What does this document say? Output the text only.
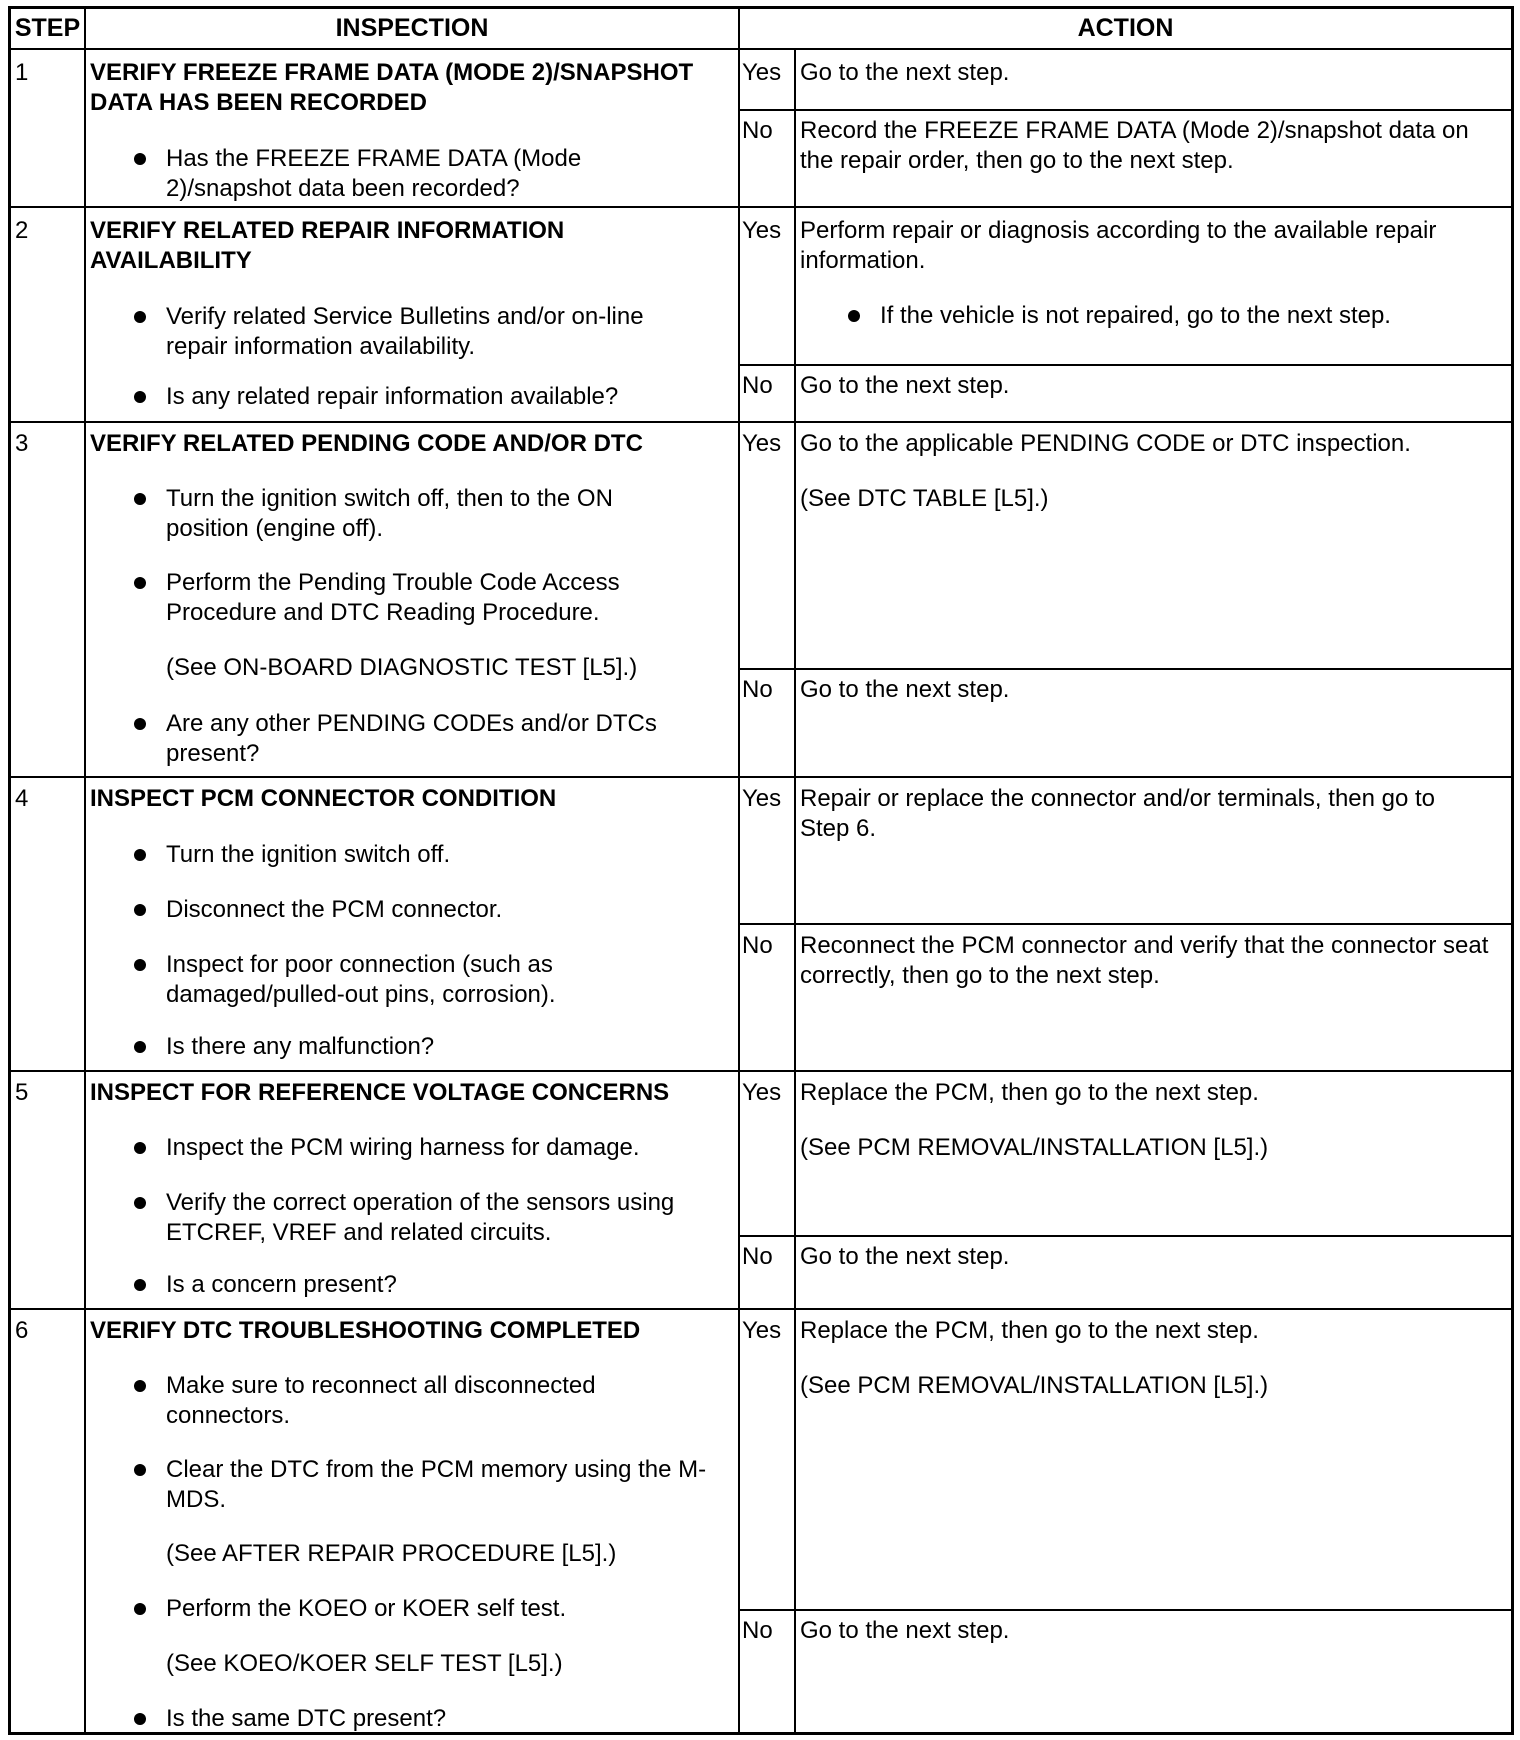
STEP	INSPECTION	ACTION
1	VERIFY FREEZE FRAME DATA (MODE 2)/SNAPSHOT DATA HAS BEEN RECORDED
Has the FREEZE FRAME DATA (Mode 2)/snapshot data been recorded?
Yes Go to the next step.
No Record the FREEZE FRAME DATA (Mode 2)/snapshot data on the repair order, then go to the next step.
2	VERIFY RELATED REPAIR INFORMATION AVAILABILITY
Verify related Service Bulletins and/or on-line repair information availability.
Is any related repair information available?
Yes Perform repair or diagnosis according to the available repair information.
If the vehicle is not repaired, go to the next step.
No Go to the next step.
3	VERIFY RELATED PENDING CODE AND/OR DTC
Turn the ignition switch off, then to the ON position (engine off).
Perform the Pending Trouble Code Access Procedure and DTC Reading Procedure.
(See ON-BOARD DIAGNOSTIC TEST [L5].)
Are any other PENDING CODEs and/or DTCs present?
Yes Go to the applicable PENDING CODE or DTC inspection.
(See DTC TABLE [L5].)
No Go to the next step.
4	INSPECT PCM CONNECTOR CONDITION
Turn the ignition switch off.
Disconnect the PCM connector.
Inspect for poor connection (such as damaged/pulled-out pins, corrosion).
Is there any malfunction?
Yes Repair or replace the connector and/or terminals, then go to Step 6.
No Reconnect the PCM connector and verify that the connector seat correctly, then go to the next step.
5	INSPECT FOR REFERENCE VOLTAGE CONCERNS
Inspect the PCM wiring harness for damage.
Verify the correct operation of the sensors using ETCREF, VREF and related circuits.
Is a concern present?
Yes Replace the PCM, then go to the next step.
(See PCM REMOVAL/INSTALLATION [L5].)
No Go to the next step.
6	VERIFY DTC TROUBLESHOOTING COMPLETED
Make sure to reconnect all disconnected connectors.
Clear the DTC from the PCM memory using the M-MDS.
(See AFTER REPAIR PROCEDURE [L5].)
Perform the KOEO or KOER self test.
(See KOEO/KOER SELF TEST [L5].)
Is the same DTC present?
Yes Replace the PCM, then go to the next step.
(See PCM REMOVAL/INSTALLATION [L5].)
No Go to the next step.
